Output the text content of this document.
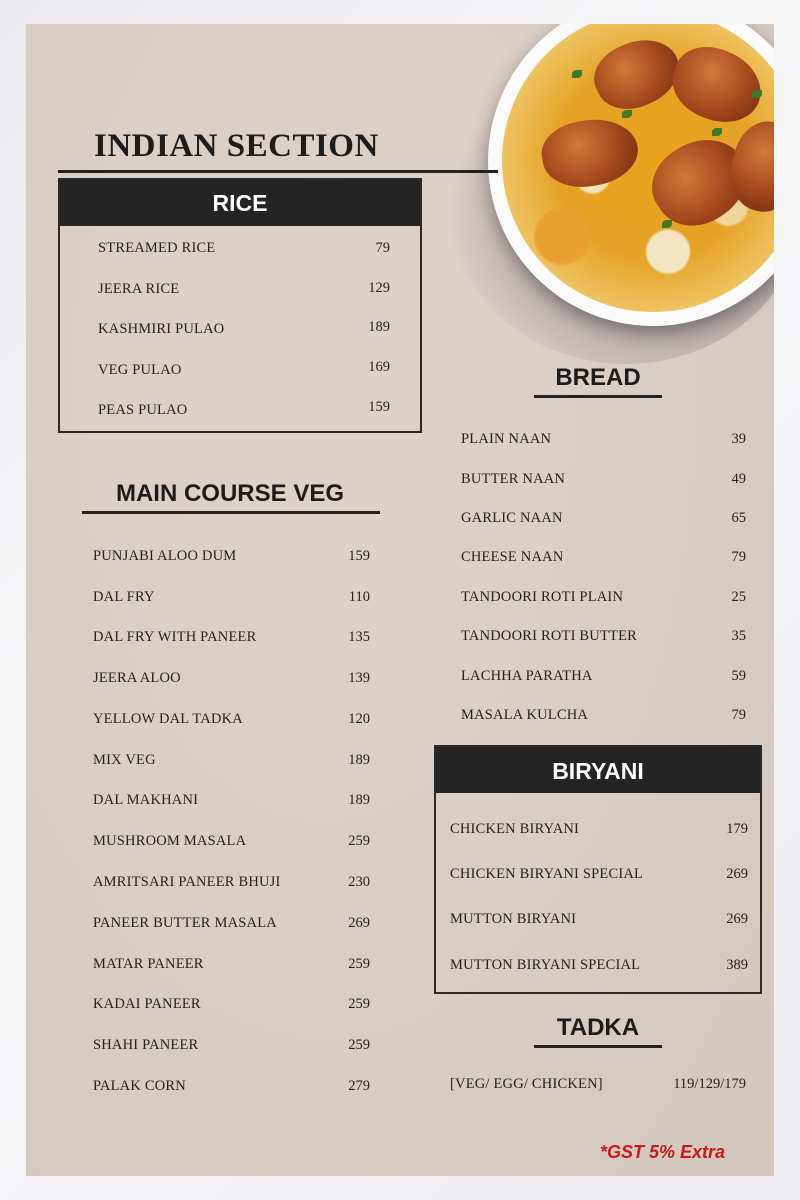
INDIAN SECTION
RICE
STREAMED RICE	79
JEERA RICE	129
KASHMIRI PULAO	189
VEG PULAO	169
PEAS PULAO	159
MAIN COURSE VEG
PUNJABI ALOO DUM	159
DAL FRY	110
DAL FRY WITH PANEER	135
JEERA ALOO	139
YELLOW DAL TADKA	120
MIX VEG	189
DAL MAKHANI	189
MUSHROOM MASALA	259
AMRITSARI PANEER BHUJI	230
PANEER BUTTER MASALA	269
MATAR PANEER	259
KADAI PANEER	259
SHAHI PANEER	259
PALAK CORN	279
BREAD
PLAIN NAAN	39
BUTTER NAAN	49
GARLIC NAAN	65
CHEESE NAAN	79
TANDOORI ROTI PLAIN	25
TANDOORI ROTI BUTTER	35
LACHHA PARATHA	59
MASALA KULCHA	79
BIRYANI
CHICKEN BIRYANI	179
CHICKEN BIRYANI SPECIAL	269
MUTTON BIRYANI	269
MUTTON BIRYANI SPECIAL	389
TADKA
[VEG/ EGG/ CHICKEN]	119/129/179
*GST 5% Extra
